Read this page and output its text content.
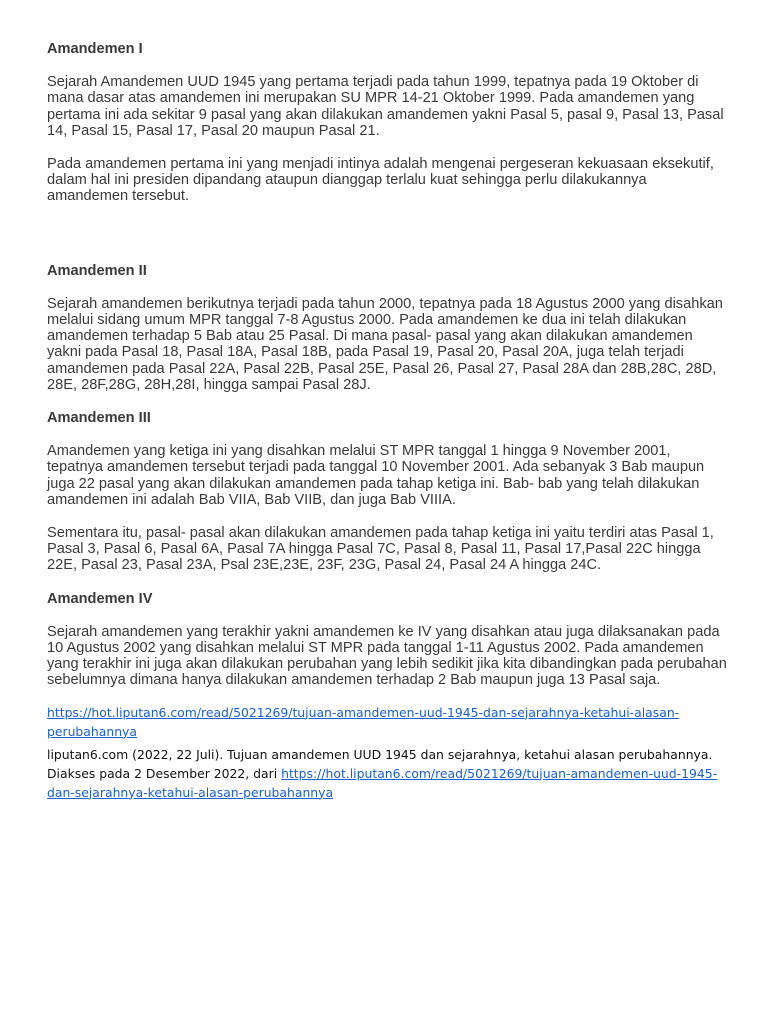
Amandemen I

Sejarah Amandemen UUD 1945 yang pertama terjadi pada tahun 1999, tepatnya pada 19 Oktober di mana dasar atas amandemen ini merupakan SU MPR 14-21 Oktober 1999. Pada amandemen yang pertama ini ada sekitar 9 pasal yang akan dilakukan amandemen yakni Pasal 5, pasal 9, Pasal 13, Pasal 14, Pasal 15, Pasal 17, Pasal 20 maupun Pasal 21.

Pada amandemen pertama ini yang menjadi intinya adalah mengenai pergeseran kekuasaan eksekutif, dalam hal ini presiden dipandang ataupun dianggap terlalu kuat sehingga perlu dilakukannya amandemen tersebut.

Amandemen II

Sejarah amandemen berikutnya terjadi pada tahun 2000, tepatnya pada 18 Agustus 2000 yang disahkan melalui sidang umum MPR tanggal 7-8 Agustus 2000. Pada amandemen ke dua ini telah dilakukan amandemen terhadap 5 Bab atau 25 Pasal. Di mana pasal- pasal yang akan dilakukan amandemen yakni pada Pasal 18, Pasal 18A, Pasal 18B, pada Pasal 19, Pasal 20, Pasal 20A, juga telah terjadi amandemen pada Pasal 22A, Pasal 22B, Pasal 25E, Pasal 26, Pasal 27, Pasal 28A dan 28B,28C, 28D, 28E, 28F,28G, 28H,28I, hingga sampai Pasal 28J.

Amandemen III

Amandemen yang ketiga ini yang disahkan melalui ST MPR tanggal 1 hingga 9 November 2001, tepatnya amandemen tersebut terjadi pada tanggal 10 November 2001. Ada sebanyak 3 Bab maupun juga 22 pasal yang akan dilakukan amandemen pada tahap ketiga ini. Bab- bab yang telah dilakukan amandemen ini adalah Bab VIIA, Bab VIIB, dan juga Bab VIIIA.

Sementara itu, pasal- pasal akan dilakukan amandemen pada tahap ketiga ini yaitu terdiri atas Pasal 1, Pasal 3, Pasal 6, Pasal 6A, Pasal 7A hingga Pasal 7C, Pasal 8, Pasal 11, Pasal 17,Pasal 22C hingga 22E, Pasal 23, Pasal 23A, Psal 23E,23E, 23F, 23G, Pasal 24, Pasal 24 A hingga 24C.

Amandemen IV

Sejarah amandemen yang terakhir yakni amandemen ke IV yang disahkan atau juga dilaksanakan pada 10 Agustus 2002 yang disahkan melalui ST MPR pada tanggal 1-11 Agustus 2002. Pada amandemen yang terakhir ini juga akan dilakukan perubahan yang lebih sedikit jika kita dibandingkan pada perubahan sebelumnya dimana hanya dilakukan amandemen terhadap 2 Bab maupun juga 13 Pasal saja.

https://hot.liputan6.com/read/5021269/tujuan-amandemen-uud-1945-dan-sejarahnya-ketahui-alasan-perubahannya

liputan6.com (2022, 22 Juli). Tujuan amandemen UUD 1945 dan sejarahnya, ketahui alasan perubahannya. Diakses pada 2 Desember 2022, dari https://hot.liputan6.com/read/5021269/tujuan-amandemen-uud-1945-dan-sejarahnya-ketahui-alasan-perubahannya
